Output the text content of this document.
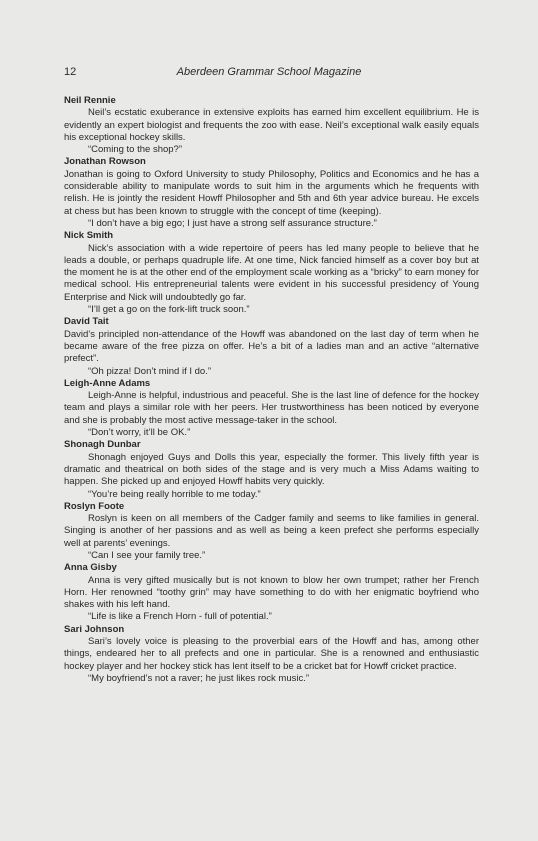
12	Aberdeen Grammar School Magazine

Neil Rennie

Neil’s ecstatic exuberance in extensive exploits has earned him excellent equilibrium. He is evidently an expert biologist and frequents the zoo with ease. Neil’s exceptional walk easily equals his exceptional hockey skills.

“Coming to the shop?”

Jonathan Rowson

Jonathan is going to Oxford University to study Philosophy, Politics and Economics and he has a considerable ability to manipulate words to suit him in the arguments which he frequents with relish. He is jointly the resident Howff Philosopher and 5th and 6th year advice bureau. He excels at chess but has been known to struggle with the concept of time (keeping).

“I don’t have a big ego; I just have a strong self assurance structure.”

Nick Smith

Nick’s association with a wide repertoire of peers has led many people to believe that he leads a double, or perhaps quadruple life. At one time, Nick fancied himself as a cover boy but at the moment he is at the other end of the employment scale working as a “bricky” to earn money for medical school. His entrepreneurial talents were evident in his successful presidency of Young Enterprise and Nick will undoubtedly go far.

“I’ll get a go on the fork-lift truck soon.”

David Tait

David’s principled non-attendance of the Howff was abandoned on the last day of term when he became aware of the free pizza on offer. He’s a bit of a ladies man and an active “alternative prefect”.

“Oh pizza! Don’t mind if I do.”

Leigh-Anne Adams

Leigh-Anne is helpful, industrious and peaceful. She is the last line of defence for the hockey team and plays a similar role with her peers. Her trustworthiness has been noticed by everyone and she is probably the most active message-taker in the school.

“Don’t worry, it’ll be OK.”

Shonagh Dunbar

Shonagh enjoyed Guys and Dolls this year, especially the former. This lively fifth year is dramatic and theatrical on both sides of the stage and is very much a Miss Adams waiting to happen. She picked up and enjoyed Howff habits very quickly.

“You’re being really horrible to me today.”

Roslyn Foote

Roslyn is keen on all members of the Cadger family and seems to like families in general. Singing is another of her passions and as well as being a keen prefect she performs especially well at parents’ evenings.

“Can I see your family tree.”

Anna Gisby

Anna is very gifted musically but is not known to blow her own trumpet; rather her French Horn. Her renowned “toothy grin” may have something to do with her enigmatic boyfriend who shakes with his left hand.

“Life is like a French Horn - full of potential.”

Sari Johnson

Sari’s lovely voice is pleasing to the proverbial ears of the Howff and has, among other things, endeared her to all prefects and one in particular. She is a renowned and enthusiastic hockey player and her hockey stick has lent itself to be a cricket bat for Howff cricket practice.

“My boyfriend’s not a raver; he just likes rock music.”
